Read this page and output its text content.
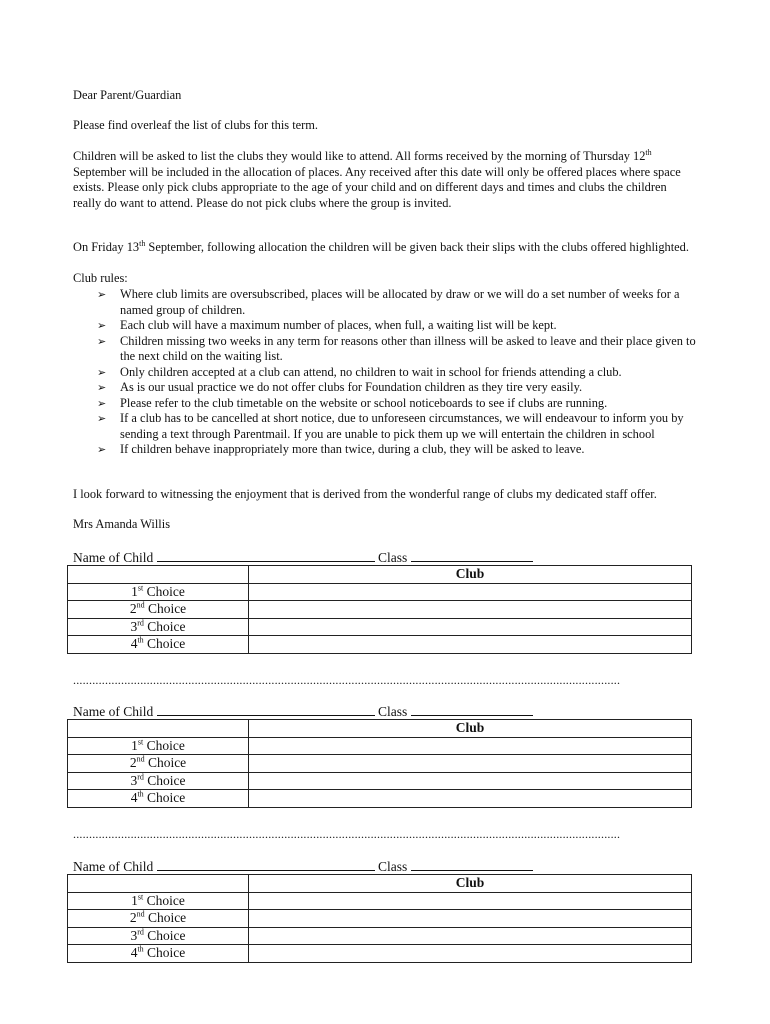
Dear Parent/Guardian

Please find overleaf the list of clubs for this term.

Children will be asked to list the clubs they would like to attend. All forms received by the morning of Thursday 12th September will be included in the allocation of places. Any received after this date will only be offered places where space exists. Please only pick clubs appropriate to the age of your child and on different days and times and clubs the children really do want to attend. Please do not pick clubs where the group is invited.

On Friday 13th September, following allocation the children will be given back their slips with the clubs offered highlighted.

Club rules:

➢ Where club limits are oversubscribed, places will be allocated by draw or we will do a set number of weeks for a named group of children.
➢ Each club will have a maximum number of places, when full, a waiting list will be kept.
➢ Children missing two weeks in any term for reasons other than illness will be asked to leave and their place given to the next child on the waiting list.
➢ Only children accepted at a club can attend, no children to wait in school for friends attending a club.
➢ As is our usual practice we do not offer clubs for Foundation children as they tire very easily.
➢ Please refer to the club timetable on the website or school noticeboards to see if clubs are running.
➢ If a club has to be cancelled at short notice, due to unforeseen circumstances, we will endeavour to inform you by sending a text through Parentmail. If you are unable to pick them up we will entertain the children in school
➢ If children behave inappropriately more than twice, during a club, they will be asked to leave.

I look forward to witnessing the enjoyment that is derived from the wonderful range of clubs my dedicated staff offer.

Mrs Amanda Willis

Name of Child	Class
	Club
1st Choice	
2nd Choice	
3rd Choice	
4th Choice	
...........................................................................................................................................................................
Name of Child	Class
	Club
1st Choice	
2nd Choice	
3rd Choice	
4th Choice	
...........................................................................................................................................................................
Name of Child	Class
	Club
1st Choice	
2nd Choice	
3rd Choice	
4th Choice	
